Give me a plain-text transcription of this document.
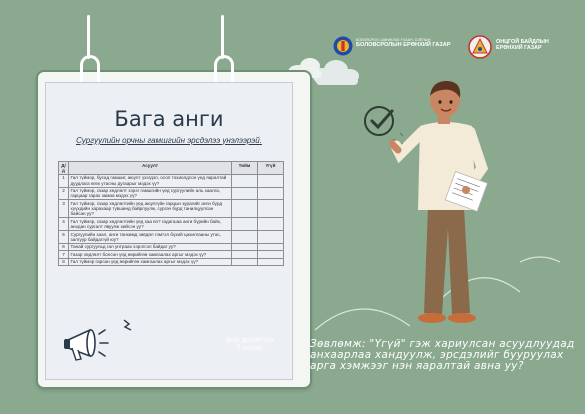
БОЛОВСРОЛ, ШИНЖЛЭХ УХААН, СОЁЛЫН
БОЛОВСРОЛЫН ЕРӨНХИЙ ГАЗАР
ОНЦГОЙ БАЙДЛЫН
ЕРӨНХИЙ ГАЗАР
Бага анги
Сургуулийн орчны гамшгийн эрсдэлээ үнэлээрэй.
Д/д	Асуулт	Тийм	Үгүй
1	Гал түймэр, бусад гамшиг, аюулт үзэгдэл, осол тохиолдсон үед яаралтай дуудлага өгөх утасны дугаарыг мэдэх үү?		
2	Гал түймэр, газар хөдлөлт зэрэг гамшгийн үед сургуулийн аль хаалга, гарцаар гарах замаа мэдэх үү?		
3	Гал түймэр, газар хөдлөлтийн үед аюулгүйн гарцын зурагийг анги бүрд хүүхдийн харахаар түвшинд байрлуулж, сургач бүрд танилцуулсан байсан уу?		
4	Гал түймэр, газар хөдлөлтийн үед хаа вэ? гадагшаа анги бүрийн байх, анхдан сургалт явуулж хийсэн уу?		
5	Сургуулийн заал, анги танхимд зөвдөл гэмтэл бүхий цахилгааны утас, залгуур байдаггүй юу?		
6	Танай сургуульд гал унтраах хэрэгсэл байдаг уу?		
7	Газар хөдлөлт болсон үед өөрийгөө хамгаалах аргыг мэдэх үү?		
8	Гал түймэр гарсан үед өөрийгөө хамгаалах аргыг мэдэх үү?		
Бие даалтын
7 хоног	Зөвлөмж: "Үгүй" гэж хариулсан асуудлуудад анхаарлаа хандуулж, эрсдэлийг бууруулах арга хэмжээг нэн яаралтай авна уу?
